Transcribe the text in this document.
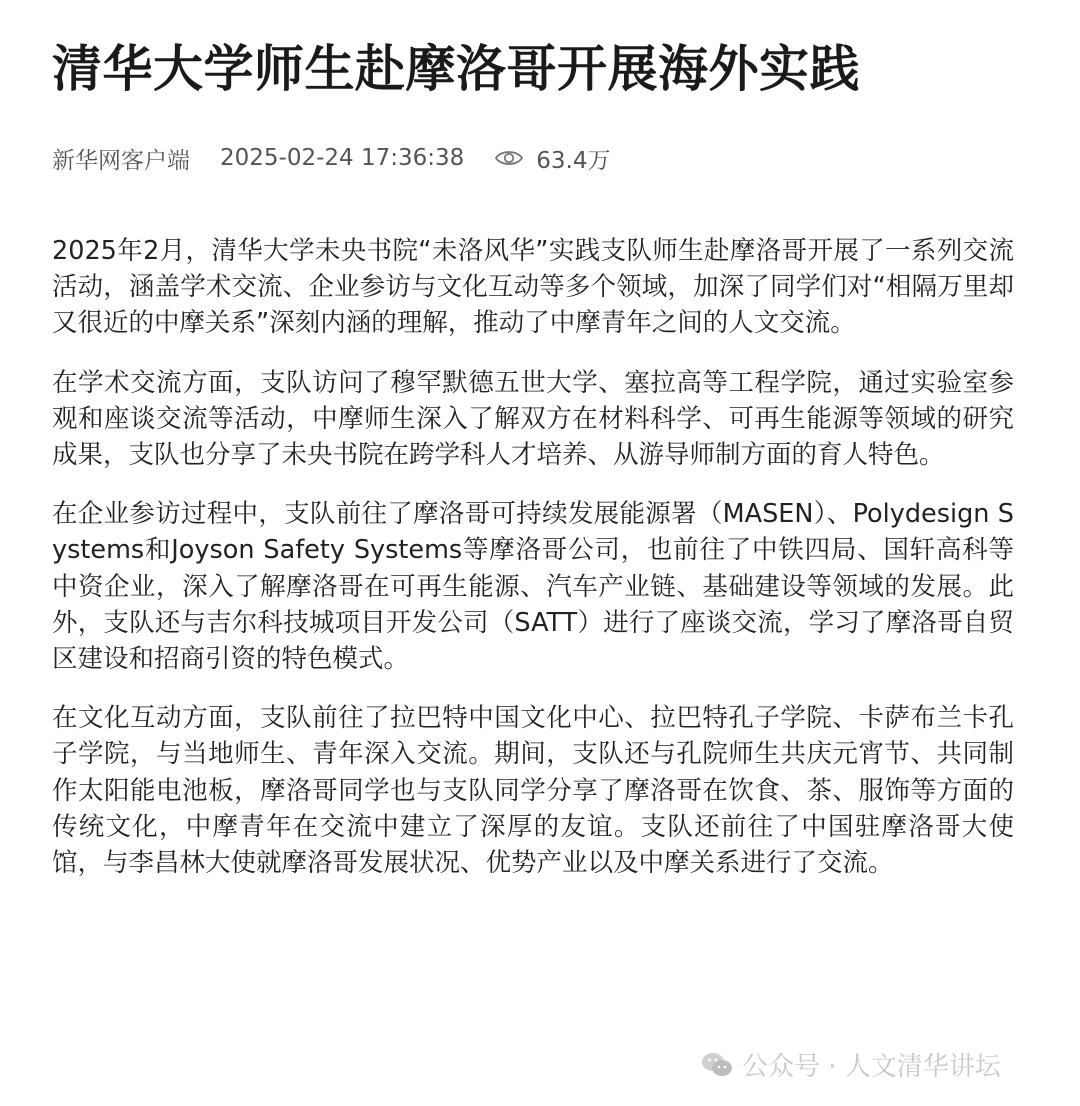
清华大学师生赴摩洛哥开展海外实践
新华网客户端 2025-02-24 17:36:38	63.4万

2025年2月，清华大学未央书院“未洛风华”实践支队师生赴摩洛哥开展了一系列交流活动，涵盖学术交流、企业参访与文化互动等多个领域，加深了同学们对“相隔万里却又很近的中摩关系”深刻内涵的理解，推动了中摩青年之间的人文交流。

在学术交流方面，支队访问了穆罕默德五世大学、塞拉高等工程学院，通过实验室参观和座谈交流等活动，中摩师生深入了解双方在材料科学、可再生能源等领域的研究成果，支队也分享了未央书院在跨学科人才培养、从游导师制方面的育人特色。

在企业参访过程中，支队前往了摩洛哥可持续发展能源署（MASEN）、Polydesign Systems和Joyson Safety Systems等摩洛哥公司，也前往了中铁四局、国轩高科等中资企业，深入了解摩洛哥在可再生能源、汽车产业链、基础建设等领域的发展。此外，支队还与吉尔科技城项目开发公司（SATT）进行了座谈交流，学习了摩洛哥自贸区建设和招商引资的特色模式。

在文化互动方面，支队前往了拉巴特中国文化中心、拉巴特孔子学院、卡萨布兰卡孔子学院，与当地师生、青年深入交流。期间，支队还与孔院师生共庆元宵节、共同制作太阳能电池板，摩洛哥同学也与支队同学分享了摩洛哥在饮食、茶、服饰等方面的传统文化，中摩青年在交流中建立了深厚的友谊。支队还前往了中国驻摩洛哥大使馆，与李昌林大使就摩洛哥发展状况、优势产业以及中摩关系进行了交流。

公众号 · 人文清华讲坛
